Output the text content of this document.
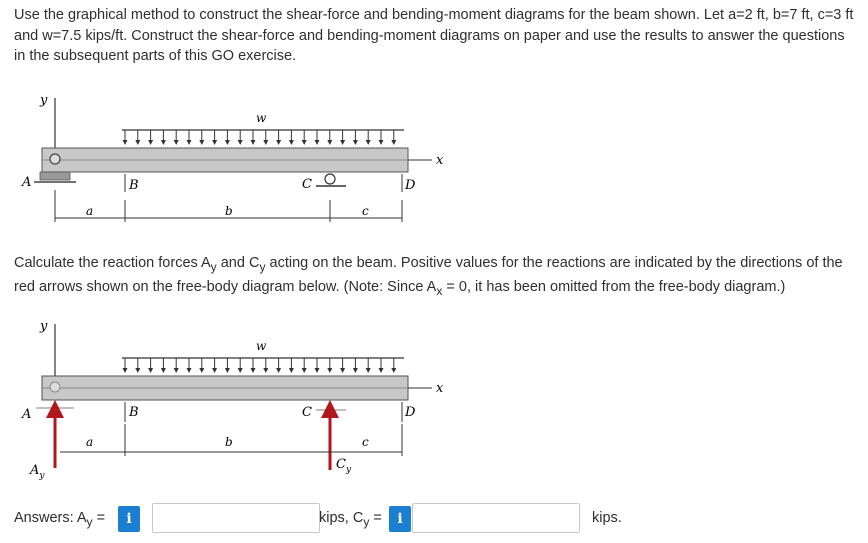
Use the graphical method to construct the shear-force and bending-moment diagrams for the beam shown. Let a=2 ft, b=7 ft, c=3 ft and w=7.5 kips/ft. Construct the shear-force and bending-moment diagrams on paper and use the results to answer the questions in the subsequent parts of this GO exercise.
y
w
x
A	C
B	D
a	b	c
Calculate the reaction forces $A_y$ and $C_y$ acting on the beam. Positive values for the reactions are indicated by the directions of the red arrows shown on the free-body diagram below. (Note: Since $A_x = 0$, it has been omitted from the free-body diagram.)
y
w
x
A	C
B	D
$A_y$
$C_y$
a	b	c
Answers: $A_y$ =	i	kips, $C_y$ =	i	kips.
